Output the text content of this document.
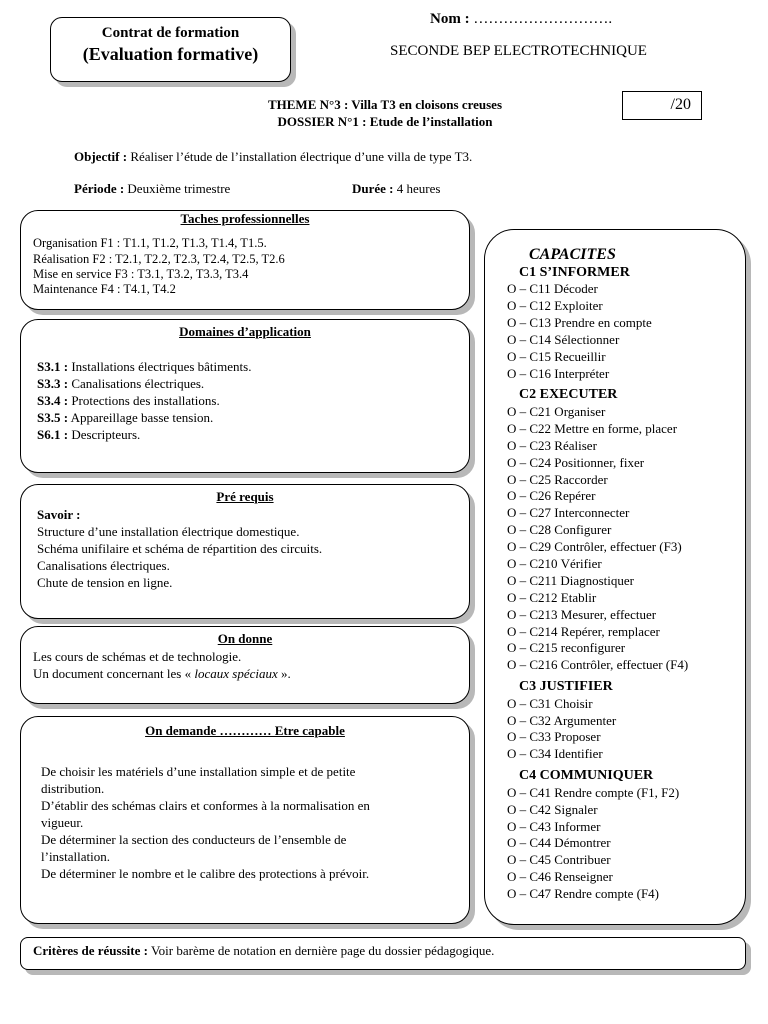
Contrat de formation
(Evaluation formative)
Nom : ……………………….
SECONDE BEP ELECTROTECHNIQUE
THEME N°3 : Villa T3 en cloisons creuses
DOSSIER N°1 : Etude de l’installation
/20
Objectif : Réaliser l’étude de l’installation électrique d’une villa de type T3.
Période : Deuxième trimestre	Durée : 4 heures
Taches professionnelles
Organisation F1 : T1.1, T1.2, T1.3, T1.4, T1.5.
Réalisation F2 : T2.1, T2.2, T2.3, T2.4, T2.5, T2.6
Mise en service F3 : T3.1, T3.2, T3.3, T3.4
Maintenance F4 : T4.1, T4.2
Domaines d’application
S3.1 : Installations électriques bâtiments.
S3.3 : Canalisations électriques.
S3.4 : Protections des installations.
S3.5 : Appareillage basse tension.
S6.1 : Descripteurs.
Pré requis
Savoir :
Structure d’une installation électrique domestique.
Schéma unifilaire et schéma de répartition des circuits.
Canalisations électriques.
Chute de tension en ligne.
On donne
Les cours de schémas et de technologie.
Un document concernant les « locaux spéciaux ».
On demande ………… Etre capable
De choisir les matériels d’une installation simple et de petite
distribution.
D’établir des schémas clairs et conformes à la normalisation en
vigueur.
De déterminer la section des conducteurs de l’ensemble de
l’installation.
De déterminer le nombre et le calibre des protections à prévoir.
CAPACITES
C1 S’INFORMER
O – C11 Décoder
O – C12 Exploiter
O – C13 Prendre en compte
O – C14 Sélectionner
O – C15 Recueillir
O – C16 Interpréter
C2 EXECUTER
O – C21 Organiser
O – C22 Mettre en forme, placer
O – C23 Réaliser
O – C24 Positionner, fixer
O – C25 Raccorder
O – C26 Repérer
O – C27 Interconnecter
O – C28 Configurer
O – C29 Contrôler, effectuer (F3)
O – C210 Vérifier
O – C211 Diagnostiquer
O – C212 Etablir
O – C213 Mesurer, effectuer
O – C214 Repérer, remplacer
O – C215 reconfigurer
O – C216 Contrôler, effectuer (F4)
C3 JUSTIFIER
O – C31 Choisir
O – C32 Argumenter
O – C33 Proposer
O – C34 Identifier
C4 COMMUNIQUER
O – C41 Rendre compte (F1, F2)
O – C42 Signaler
O – C43 Informer
O – C44 Démontrer
O – C45 Contribuer
O – C46 Renseigner
O – C47 Rendre compte (F4)
Critères de réussite : Voir barème de notation en dernière page du dossier pédagogique.
